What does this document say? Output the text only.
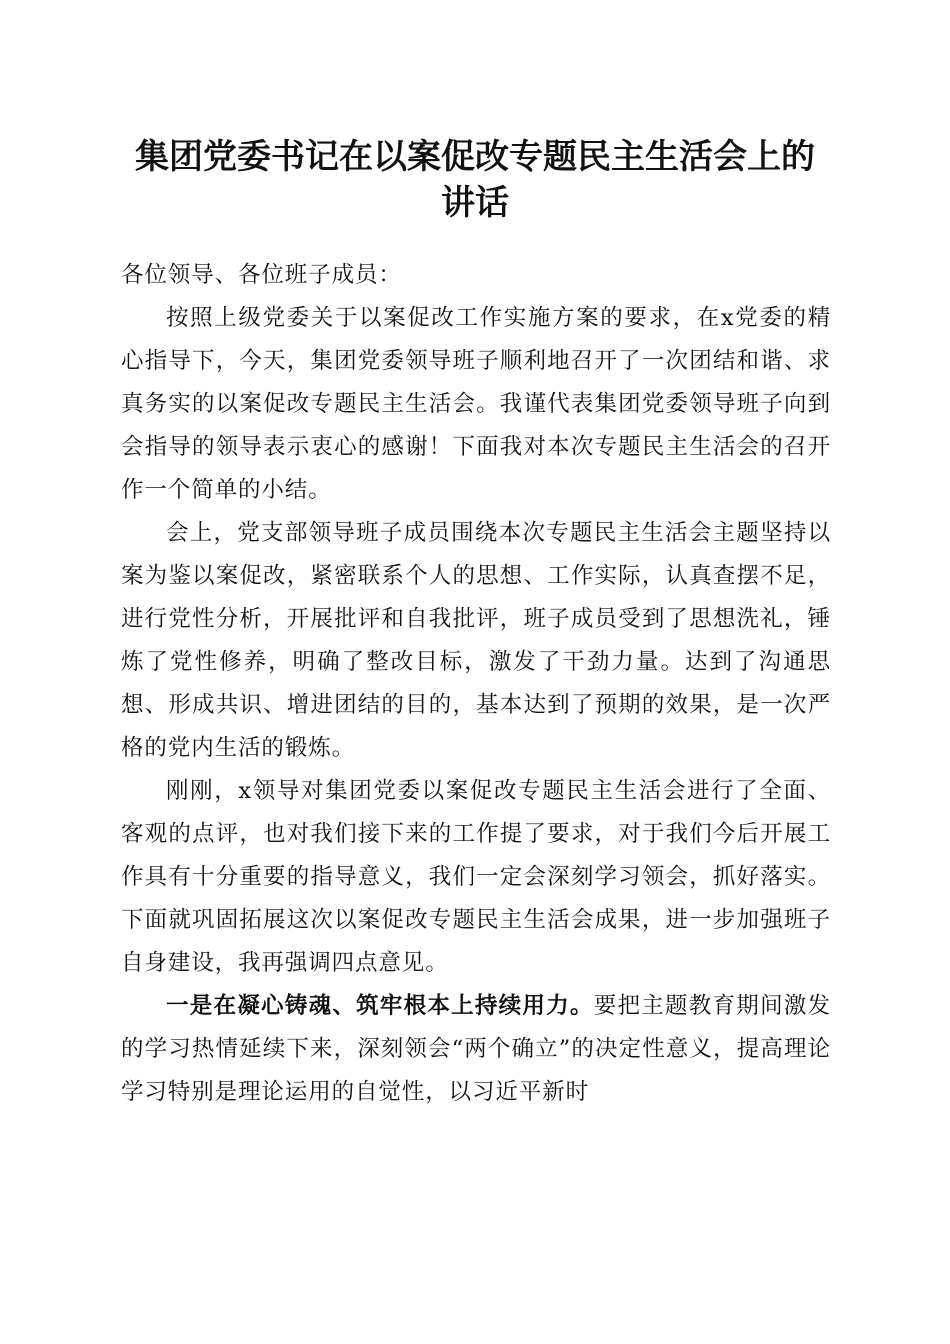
集团党委书记在以案促改专题民主生活会上的
讲话

各位领导、各位班子成员：

按照上级党委关于以案促改工作实施方案的要求，在x党委的精心指导下，今天，集团党委领导班子顺利地召开了一次团结和谐、求真务实的以案促改专题民主生活会。我谨代表集团党委领导班子向到会指导的领导表示衷心的感谢！下面我对本次专题民主生活会的召开作一个简单的小结。

会上，党支部领导班子成员围绕本次专题民主生活会主题坚持以案为鉴以案促改，紧密联系个人的思想、工作实际，认真查摆不足，进行党性分析，开展批评和自我批评，班子成员受到了思想洗礼，锤炼了党性修养，明确了整改目标，激发了干劲力量。达到了沟通思想、形成共识、增进团结的目的，基本达到了预期的效果，是一次严格的党内生活的锻炼。

刚刚，x领导对集团党委以案促改专题民主生活会进行了全面、客观的点评，也对我们接下来的工作提了要求，对于我们今后开展工作具有十分重要的指导意义，我们一定会深刻学习领会，抓好落实。下面就巩固拓展这次以案促改专题民主生活会成果，进一步加强班子自身建设，我再强调四点意见。

一是在凝心铸魂、筑牢根本上持续用力。要把主题教育期间激发的学习热情延续下来，深刻领会“两个确立”的决定性意义，提高理论学习特别是理论运用的自觉性，以习近平新时
